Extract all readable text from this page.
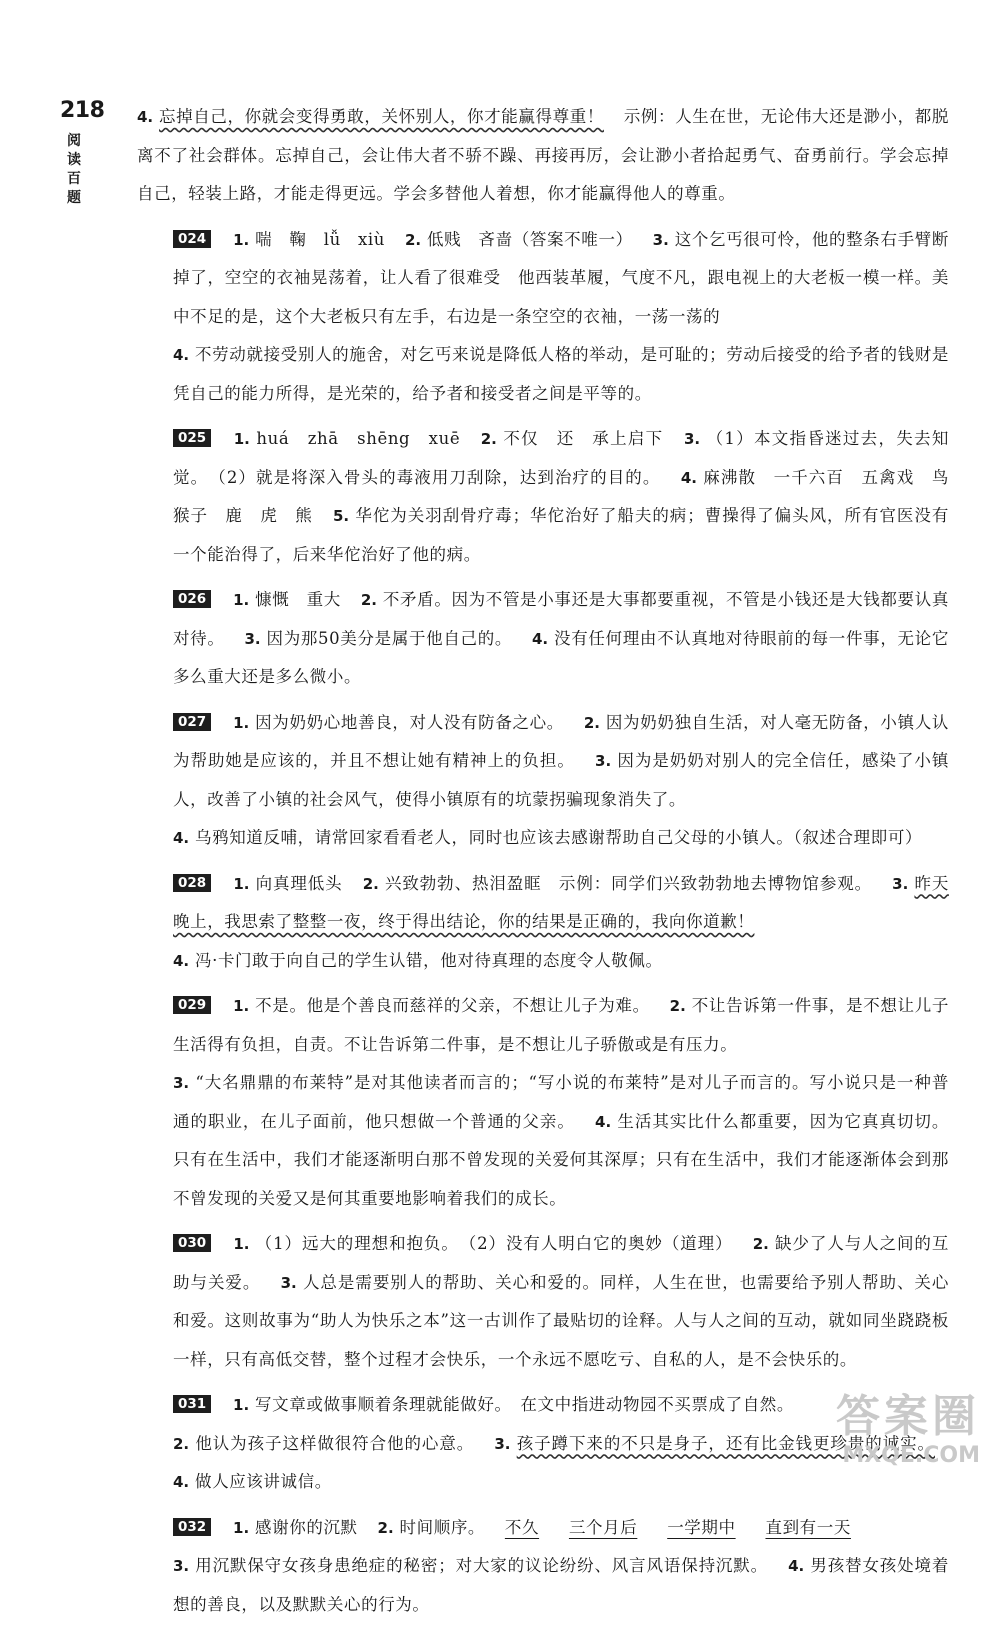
218
阅
读
百
题

4. 忘掉自己，你就会变得勇敢，关怀别人，你才能赢得尊重！ 示例：人生在世，无论伟大还是渺小，都脱离不了社会群体。忘掉自己，会让伟大者不骄不躁、再接再厉，会让渺小者拾起勇气、奋勇前行。学会忘掉自己，轻装上路，才能走得更远。学会多替他人着想，你才能赢得他人的尊重。

024 1. 喘　鞠　lǚ　xiù 2. 低贱　吝啬（答案不唯一） 3. 这个乞丐很可怜，他的整条右手臂断掉了，空空的衣袖晃荡着，让人看了很难受　他西装革履，气度不凡，跟电视上的大老板一模一样。美中不足的是，这个大老板只有左手，右边是一条空空的衣袖，一荡一荡的
4. 不劳动就接受别人的施舍，对乞丐来说是降低人格的举动，是可耻的；劳动后接受的给予者的钱财是凭自己的能力所得，是光荣的，给予者和接受者之间是平等的。

025 1. huá　zhā　shēng　xuē 2. 不仅　还　承上启下 3. （1）本文指昏迷过去，失去知觉。　（2）就是将深入骨头的毒液用刀刮除，达到治疗的目的。 4. 麻沸散　一千六百　五禽戏　鸟　猴子　鹿　虎　熊 5. 华佗为关羽刮骨疗毒；华佗治好了船夫的病；曹操得了偏头风，所有官医没有一个能治得了，后来华佗治好了他的病。

026 1. 慷慨　重大 2. 不矛盾。因为不管是小事还是大事都要重视，不管是小钱还是大钱都要认真对待。 3. 因为那50美分是属于他自己的。 4. 没有任何理由不认真地对待眼前的每一件事，无论它多么重大还是多么微小。

027 1. 因为奶奶心地善良，对人没有防备之心。 2. 因为奶奶独自生活，对人毫无防备，小镇人认为帮助她是应该的，并且不想让她有精神上的负担。 3. 因为是奶奶对别人的完全信任，感染了小镇人，改善了小镇的社会风气，使得小镇原有的坑蒙拐骗现象消失了。
4. 乌鸦知道反哺，请常回家看看老人，同时也应该去感谢帮助自己父母的小镇人。（叙述合理即可）

028 1. 向真理低头 2. 兴致勃勃、热泪盈眶　示例：同学们兴致勃勃地去博物馆参观。 3. 昨天晚上，我思索了整整一夜，终于得出结论，你的结果是正确的，我向你道歉！
4. 冯·卡门敢于向自己的学生认错，他对待真理的态度令人敬佩。

029 1. 不是。他是个善良而慈祥的父亲，不想让儿子为难。 2. 不让告诉第一件事，是不想让儿子生活得有负担，自责。不让告诉第二件事，是不想让儿子骄傲或是有压力。
3. “大名鼎鼎的布莱特”是对其他读者而言的；“写小说的布莱特”是对儿子而言的。写小说只是一种普通的职业，在儿子面前，他只想做一个普通的父亲。 4. 生活其实比什么都重要，因为它真真切切。只有在生活中，我们才能逐渐明白那不曾发现的关爱何其深厚；只有在生活中，我们才能逐渐体会到那不曾发现的关爱又是何其重要地影响着我们的成长。

030 1. （1）远大的理想和抱负。　（2）没有人明白它的奥妙（道理） 2. 缺少了人与人之间的互助与关爱。 3. 人总是需要别人的帮助、关心和爱的。同样，人生在世，也需要给予别人帮助、关心和爱。这则故事为“助人为快乐之本”这一古训作了最贴切的诠释。人与人之间的互动，就如同坐跷跷板一样，只有高低交替，整个过程才会快乐，一个永远不愿吃亏、自私的人，是不会快乐的。

031 1. 写文章或做事顺着条理就能做好。　在文中指进动物园不买票成了自然。
2. 他认为孩子这样做很符合他的心意。 3. 孩子蹲下来的不只是身子，还有比金钱更珍贵的诚实。 4. 做人应该讲诚信。

032 1. 感谢你的沉默 2. 时间顺序。 不久 三个月后 一学期中 直到有一天
3. 用沉默保守女孩身患绝症的秘密；对大家的议论纷纷、风言风语保持沉默。 4. 男孩替女孩处境着想的善良，以及默默关心的行为。

答案圈
MXQE.COM
